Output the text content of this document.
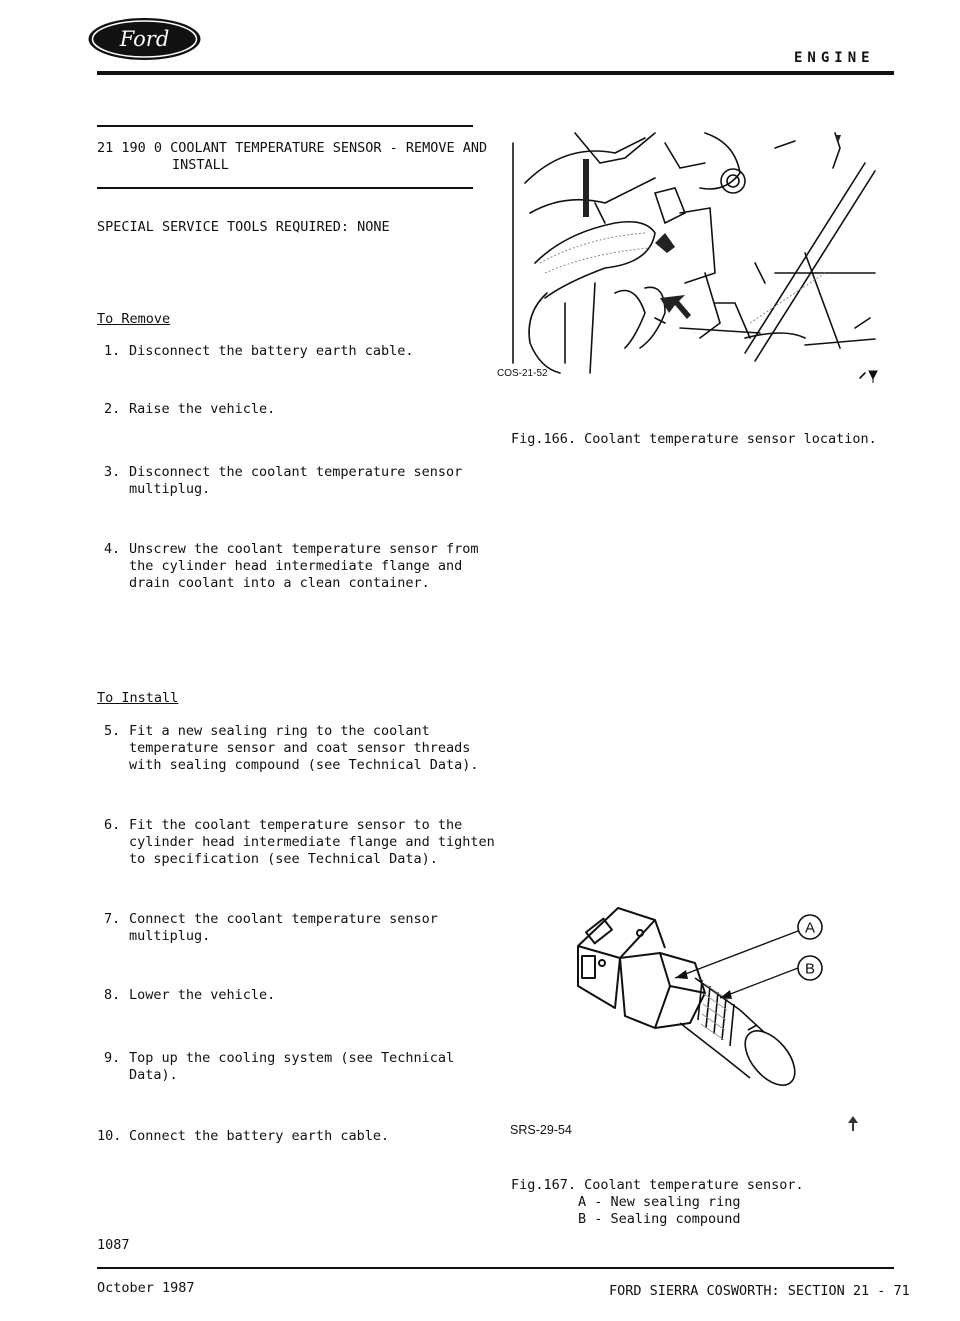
Ford
ENGINE
21 190 0 COOLANT TEMPERATURE SENSOR - REMOVE AND
INSTALL
SPECIAL SERVICE TOOLS REQUIRED: NONE
To Remove
1. Disconnect the battery earth cable.
2. Raise the vehicle.
3. Disconnect the coolant temperature sensor
multiplug.
4. Unscrew the coolant temperature sensor from
the cylinder head intermediate flange and
drain coolant into a clean container.
To Install
5. Fit a new sealing ring to the coolant
temperature sensor and coat sensor threads
with sealing compound (see Technical Data).
6. Fit the coolant temperature sensor to the
cylinder head intermediate flange and tighten
to specification (see Technical Data).
7. Connect the coolant temperature sensor
multiplug.
8. Lower the vehicle.
9. Top up the cooling system (see Technical
Data).
10. Connect the battery earth cable.
1087
COS-21-52
Fig.166. Coolant temperature sensor location.
A
B
SRS-29-54
Fig.167. Coolant temperature sensor.
A - New sealing ring
B - Sealing compound
October 1987	FORD SIERRA COSWORTH: SECTION 21 - 71
